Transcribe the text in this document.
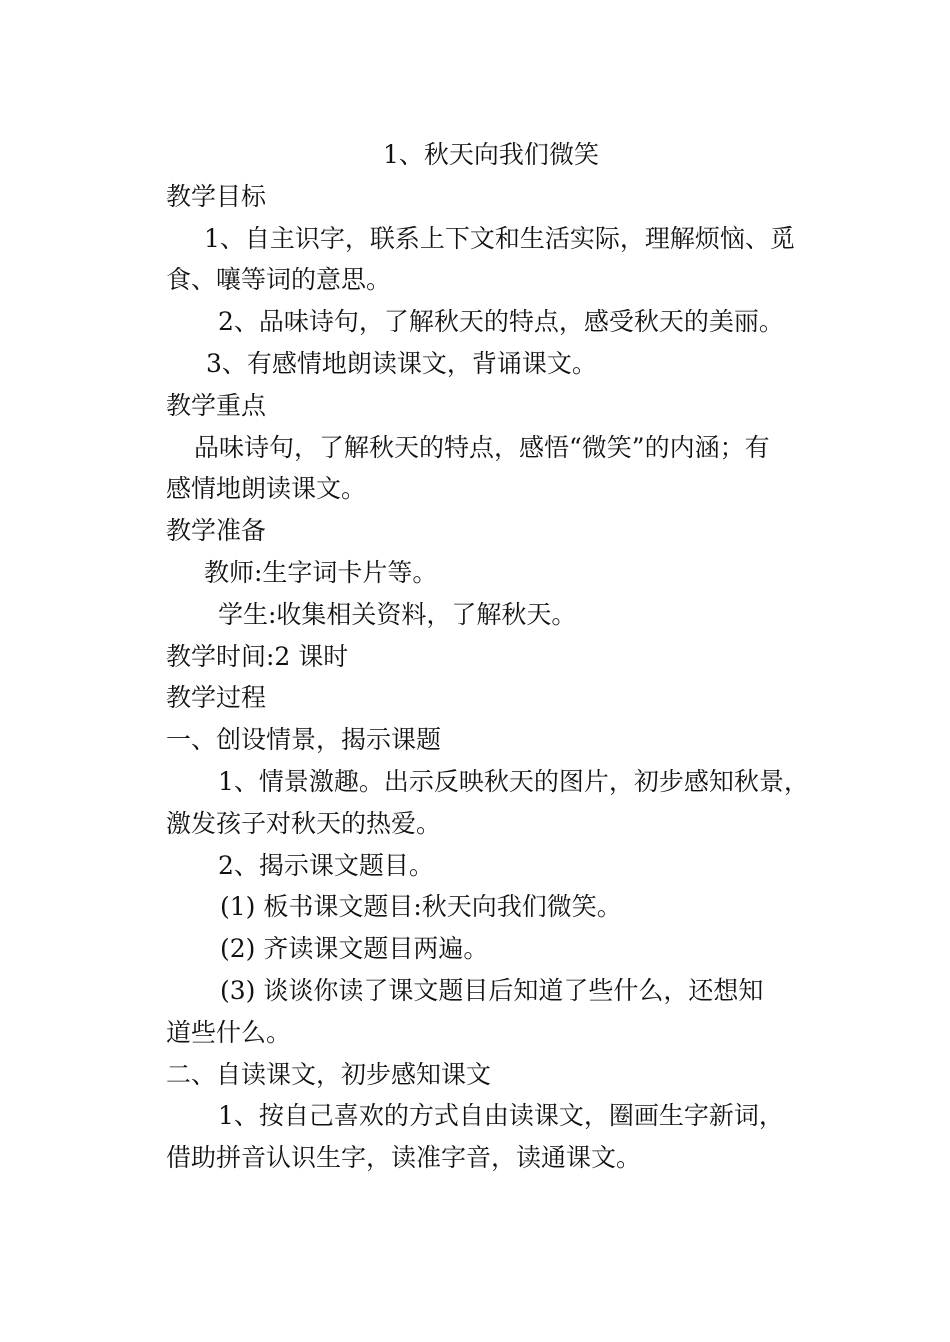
1、秋天向我们微笑
教学目标
1、自主识字，联系上下文和生活实际，理解烦恼、觅
食、嚷等词的意思。
2、品味诗句，了解秋天的特点，感受秋天的美丽。
3、有感情地朗读课文，背诵课文。
教学重点
品味诗句，了解秋天的特点，感悟“微笑”的内涵；有
感情地朗读课文。
教学准备
教师:生字词卡片等。
学生:收集相关资料，了解秋天。
教学时间:2 课时
教学过程
一、创设情景，揭示课题
1、情景激趣。出示反映秋天的图片，初步感知秋景，
激发孩子对秋天的热爱。
2、揭示课文题目。
(1) 板书课文题目:秋天向我们微笑。
(2) 齐读课文题目两遍。
(3) 谈谈你读了课文题目后知道了些什么，还想知
道些什么。
二、自读课文，初步感知课文
1、按自己喜欢的方式自由读课文，圈画生字新词，
借助拼音认识生字，读准字音，读通课文。
